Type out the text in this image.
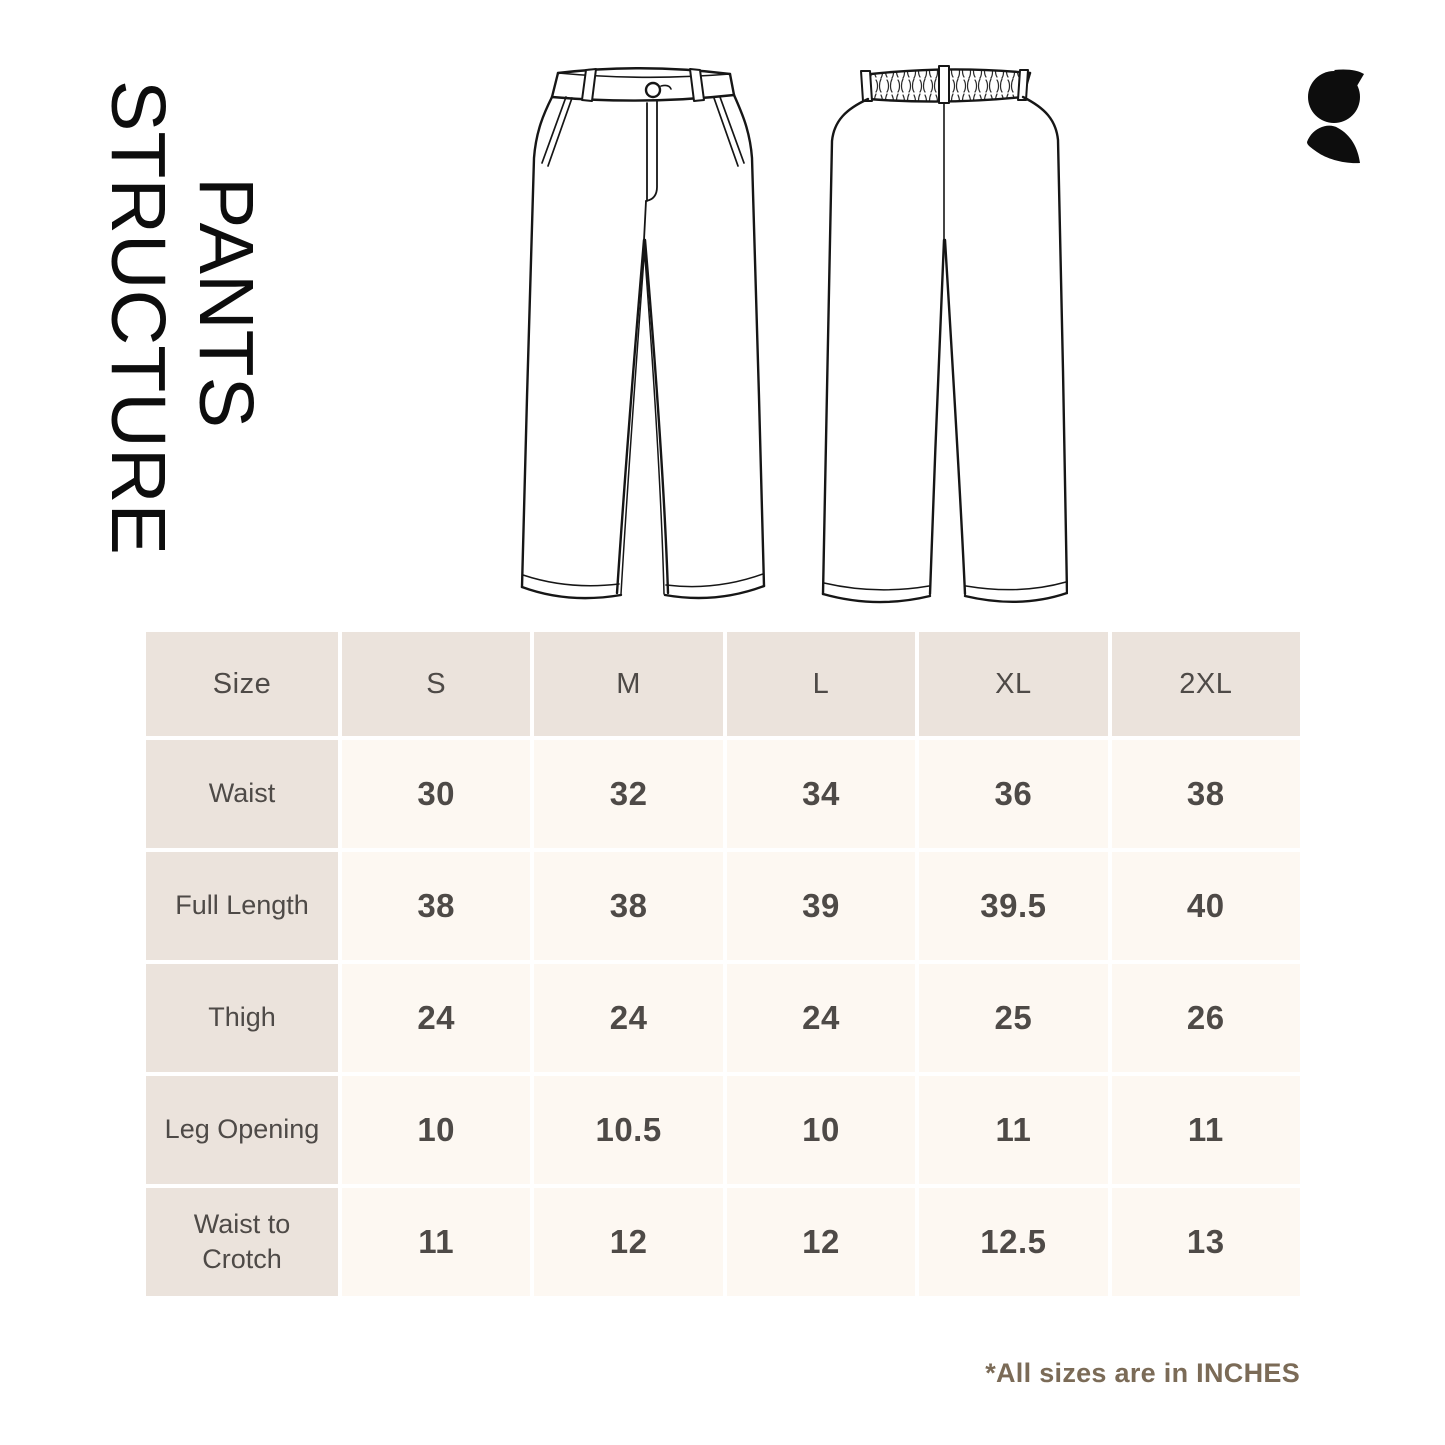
STRUCTURE PANTS
Size	S	M	L	XL	2XL
Waist	30	32	34	36	38
Full Length	38	38	39	39.5	40
Thigh	24	24	24	25	26
Leg Opening	10	10.5	10	11	11
Waist to Crotch	11	12	12	12.5	13
*All sizes are in INCHES
